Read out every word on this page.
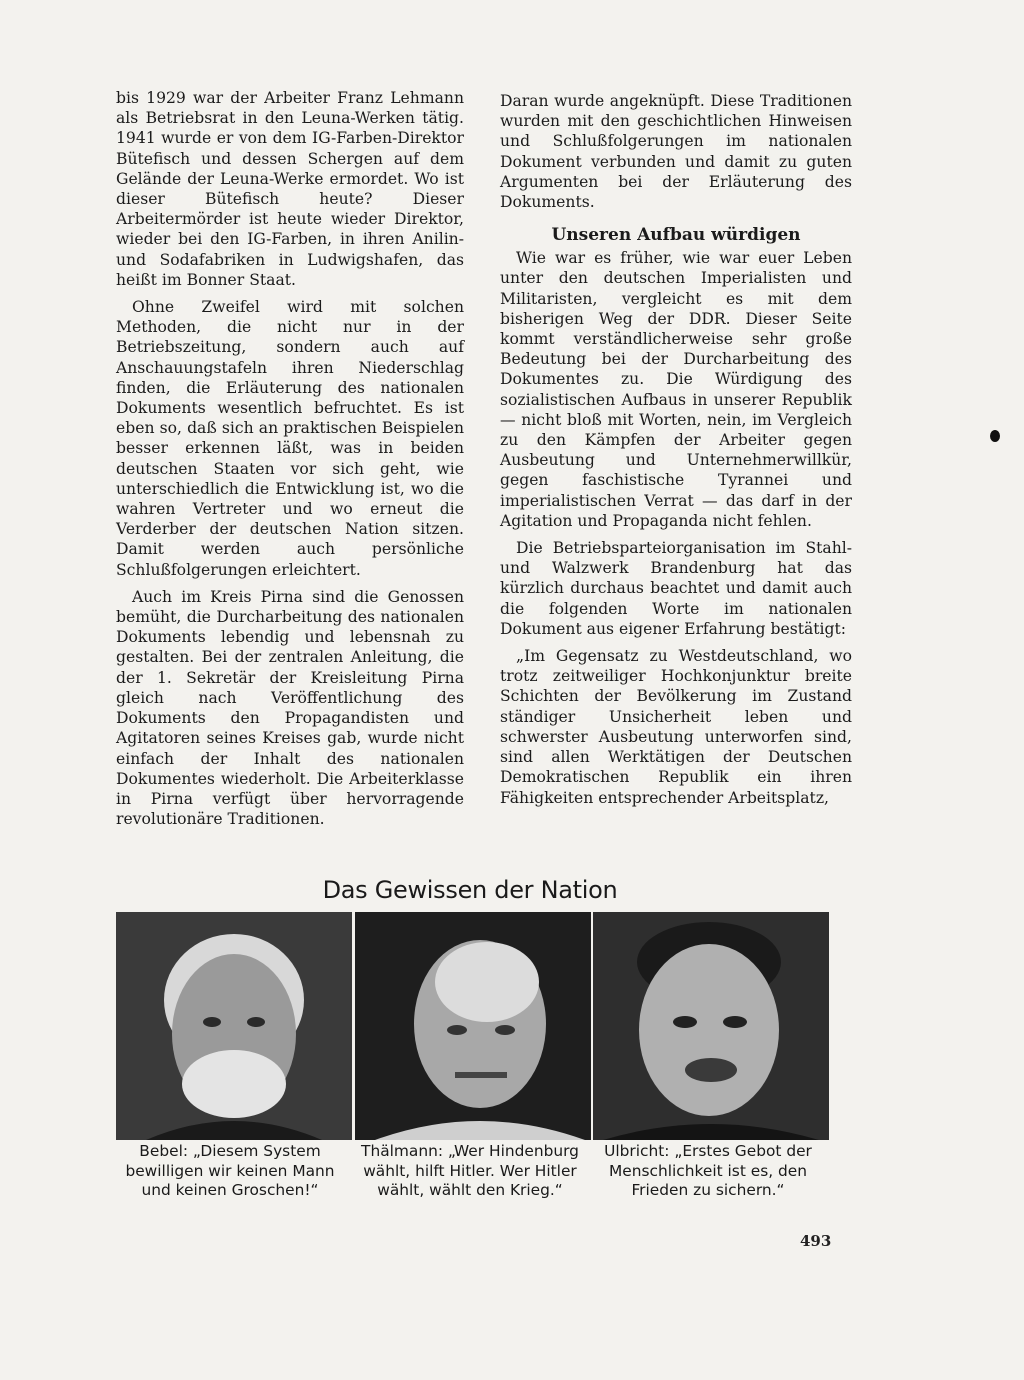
bis 1929 war der Arbeiter Franz Lehmann als Betriebsrat in den Leuna-Werken tätig. 1941 wurde er von dem IG-Farben-Direktor Bütefisch und dessen Schergen auf dem Gelände der Leuna-Werke ermordet. Wo ist dieser Bütefisch heute? Dieser Arbeitermörder ist heute wieder Direktor, wieder bei den IG-Farben, in ihren Anilin- und Sodafabriken in Ludwigshafen, das heißt im Bonner Staat.

Ohne Zweifel wird mit solchen Methoden, die nicht nur in der Betriebszeitung, sondern auch auf Anschauungstafeln ihren Niederschlag finden, die Erläuterung des nationalen Dokuments wesentlich befruchtet. Es ist eben so, daß sich an praktischen Beispielen besser erkennen läßt, was in beiden deutschen Staaten vor sich geht, wie unterschiedlich die Entwicklung ist, wo die wahren Vertreter und wo erneut die Verderber der deutschen Nation sitzen. Damit werden auch persönliche Schlußfolgerungen erleichtert.

Auch im Kreis Pirna sind die Genossen bemüht, die Durcharbeitung des nationalen Dokuments lebendig und lebensnah zu gestalten. Bei der zentralen Anleitung, die der 1. Sekretär der Kreisleitung Pirna gleich nach Veröffentlichung des Dokuments den Propagandisten und Agitatoren seines Kreises gab, wurde nicht einfach der Inhalt des nationalen Dokumentes wiederholt. Die Arbeiterklasse in Pirna verfügt über hervorragende revolutionäre Traditionen.

Daran wurde angeknüpft. Diese Traditionen wurden mit den geschichtlichen Hinweisen und Schlußfolgerungen im nationalen Dokument verbunden und damit zu guten Argumenten bei der Erläuterung des Dokuments.

Unseren Aufbau würdigen

Wie war es früher, wie war euer Leben unter den deutschen Imperialisten und Militaristen, vergleicht es mit dem bisherigen Weg der DDR. Dieser Seite kommt verständlicherweise sehr große Bedeutung bei der Durcharbeitung des Dokumentes zu. Die Würdigung des sozialistischen Aufbaus in unserer Republik — nicht bloß mit Worten, nein, im Vergleich zu den Kämpfen der Arbeiter gegen Ausbeutung und Unternehmerwillkür, gegen faschistische Tyrannei und imperialistischen Verrat — das darf in der Agitation und Propaganda nicht fehlen.

Die Betriebsparteiorganisation im Stahl- und Walzwerk Brandenburg hat das kürzlich durchaus beachtet und damit auch die folgenden Worte im nationalen Dokument aus eigener Erfahrung bestätigt:

„Im Gegensatz zu Westdeutschland, wo trotz zeitweiliger Hochkonjunktur breite Schichten der Bevölkerung im Zustand ständiger Unsicherheit leben und schwerster Ausbeutung unterworfen sind, sind allen Werktätigen der Deutschen Demokratischen Republik ein ihren Fähigkeiten entsprechender Arbeitsplatz,

Das Gewissen der Nation
Bebel: „Diesem System bewilligen wir keinen Mann und keinen Groschen!“
Thälmann: „Wer Hindenburg wählt, hilft Hitler. Wer Hitler wählt, wählt den Krieg.“
Ulbricht: „Erstes Gebot der Menschlichkeit ist es, den Frieden zu sichern.“
493
